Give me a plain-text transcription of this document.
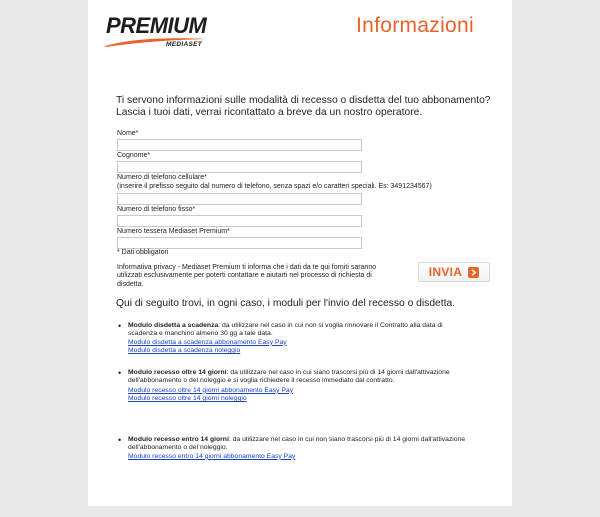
PREMIUM
MEDIASET
Informazioni
Ti servono informazioni sulle modalità di recesso o disdetta del tuo abbonamento?
Lascia i tuoi dati, verrai ricontattato a breve da un nostro operatore.
Nome*
Cognome*
Numero di telefono cellulare*
(inserire il prefisso seguito dal numero di telefono, senza spazi e/o caratteri speciali. Es: 3491234567)
Numero di telefono fisso*
Numero tessera Mediaset Premium*
* Dati obbligatori
Informativa privacy - Mediaset Premium ti informa che i dati da te qui forniti saranno utilizzati esclusivamente per poterti contattare e aiutarti nel processo di richiesta di disdetta.
INVIA
Qui di seguito trovi, in ogni caso, i moduli per l'invio del recesso o disdetta.
• Modulo disdetta a scadenza: da utilizzare nel caso in cui non si voglia rinnovare il Contratto alla data di scadenza e manchino almeno 30 gg a tale data.
Modulo disdetta a scadenza abbonamento Easy Pay
Modulo disdetta a scadenza noleggio
• Modulo recesso oltre 14 giorni: da utilizzare nel caso in cui siano trascorsi più di 14 giorni dall'attivazione dell'abbonamento o del noleggio e si voglia richiedere il recesso immediato dal contratto.
Modulo recesso oltre 14 giorni abbonamento Easy Pay
Modulo recesso oltre 14 giorni noleggio
• Modulo recesso entro 14 giorni: da utilizzare nel caso in cui non siano trascorsi più di 14 giorni dall'attivazione dell'abbonamento o del noleggio.
Modulo recesso entro 14 giorni abbonamento Easy Pay
